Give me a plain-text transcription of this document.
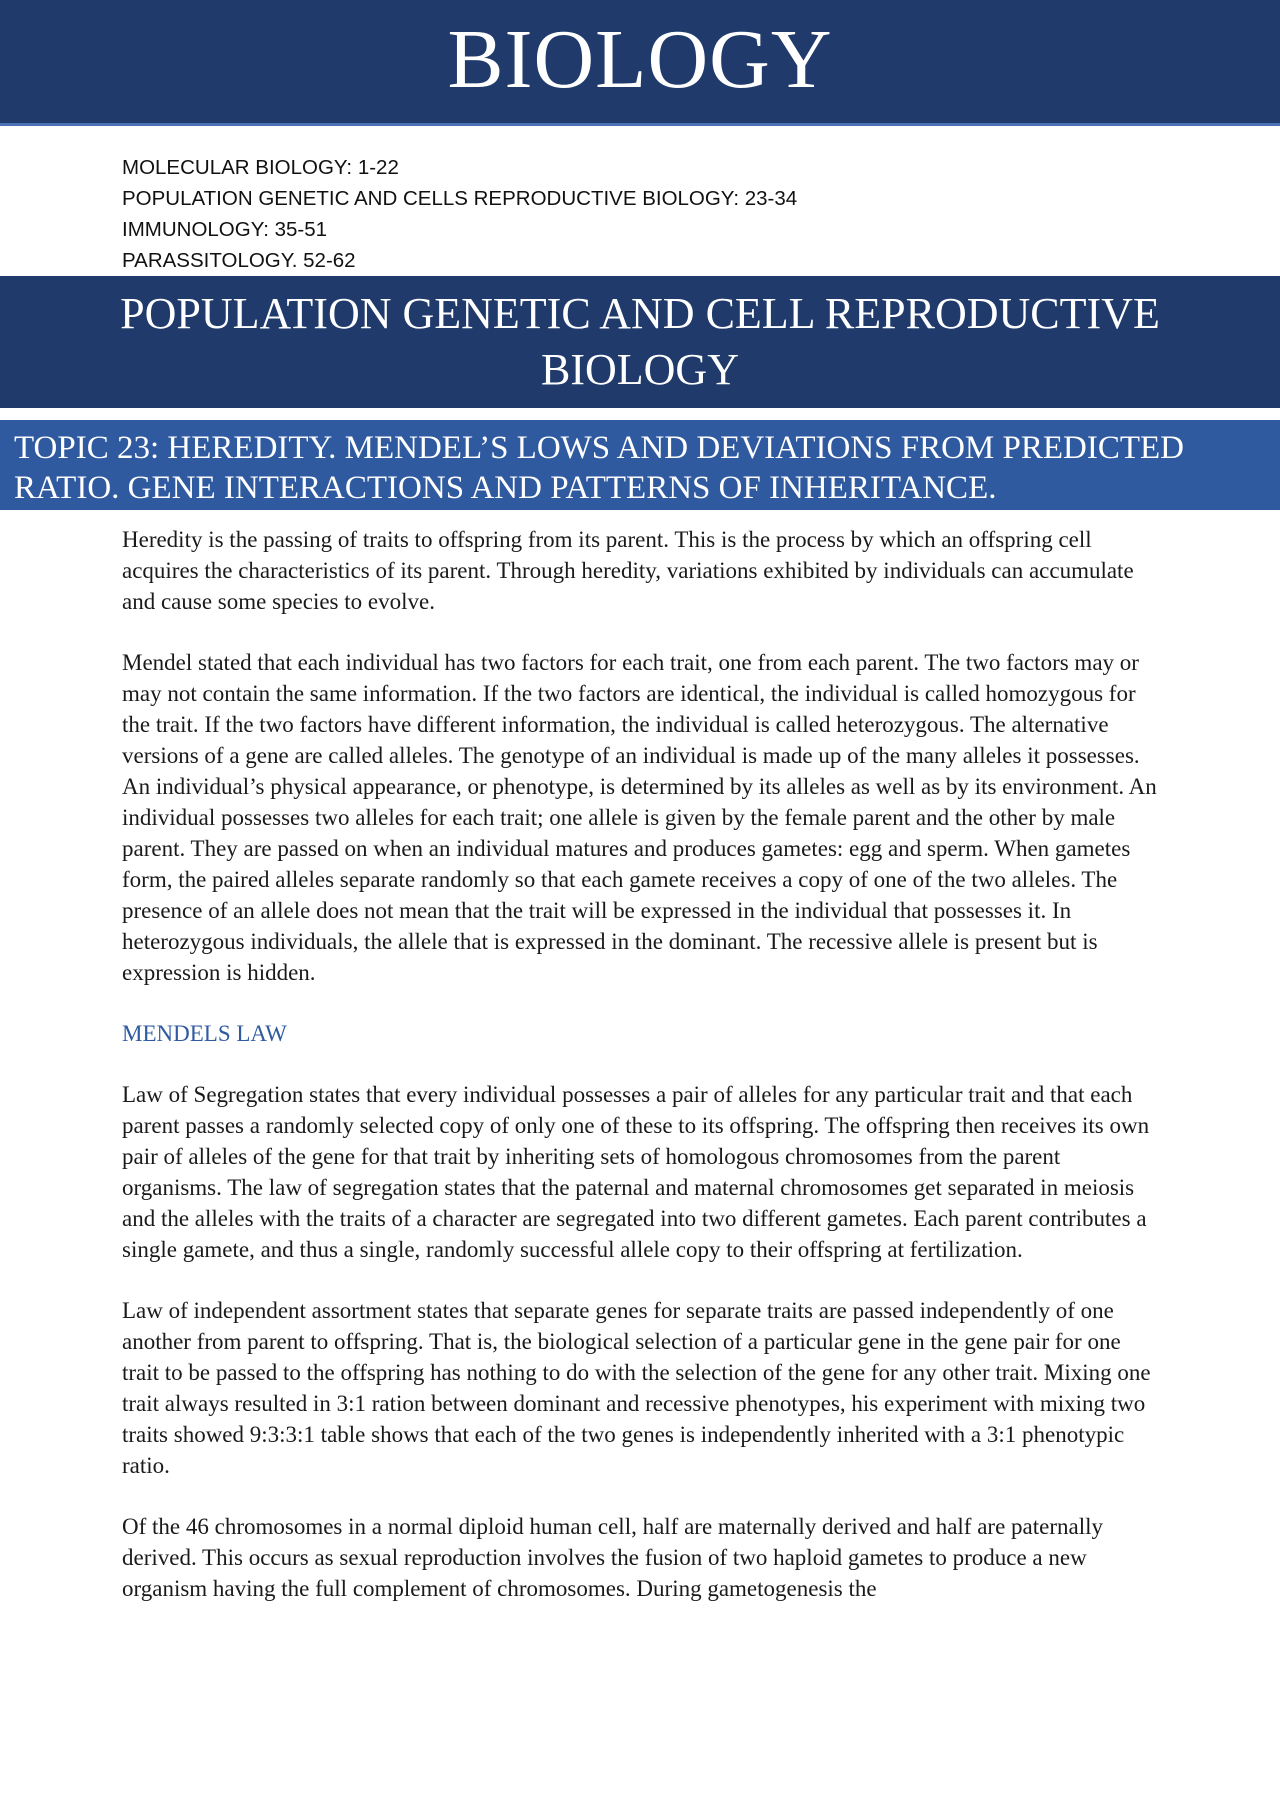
BIOLOGY
MOLECULAR BIOLOGY: 1-22
POPULATION GENETIC AND CELLS REPRODUCTIVE BIOLOGY: 23-34
IMMUNOLOGY: 35-51
PARASSITOLOGY. 52-62
POPULATION GENETIC AND CELL REPRODUCTIVE
BIOLOGY
TOPIC 23: HEREDITY. MENDEL’S LOWS AND DEVIATIONS FROM PREDICTED RATIO. GENE INTERACTIONS AND PATTERNS OF INHERITANCE.

Heredity is the passing of traits to offspring from its parent. This is the process by which an offspring cell acquires the characteristics of its parent. Through heredity, variations exhibited by individuals can accumulate and cause some species to evolve.

Mendel stated that each individual has two factors for each trait, one from each parent. The two factors may or may not contain the same information. If the two factors are identical, the individual is called homozygous for the trait. If the two factors have different information, the individual is called heterozygous. The alternative versions of a gene are called alleles. The genotype of an individual is made up of the many alleles it possesses. An individual’s physical appearance, or phenotype, is determined by its alleles as well as by its environment. An individual possesses two alleles for each trait; one allele is given by the female parent and the other by male parent. They are passed on when an individual matures and produces gametes: egg and sperm. When gametes form, the paired alleles separate randomly so that each gamete receives a copy of one of the two alleles. The presence of an allele does not mean that the trait will be expressed in the individual that possesses it. In heterozygous individuals, the allele that is expressed in the dominant. The recessive allele is present but is expression is hidden.

MENDELS LAW

Law of Segregation states that every individual possesses a pair of alleles for any particular trait and that each parent passes a randomly selected copy of only one of these to its offspring. The offspring then receives its own pair of alleles of the gene for that trait by inheriting sets of homologous chromosomes from the parent organisms. The law of segregation states that the paternal and maternal chromosomes get separated in meiosis and the alleles with the traits of a character are segregated into two different gametes. Each parent contributes a single gamete, and thus a single, randomly successful allele copy to their offspring at fertilization.

Law of independent assortment states that separate genes for separate traits are passed independently of one another from parent to offspring. That is, the biological selection of a particular gene in the gene pair for one trait to be passed to the offspring has nothing to do with the selection of the gene for any other trait. Mixing one trait always resulted in 3:1 ration between dominant and recessive phenotypes, his experiment with mixing two traits showed 9:3:3:1 table shows that each of the two genes is independently inherited with a 3:1 phenotypic ratio.

Of the 46 chromosomes in a normal diploid human cell, half are maternally derived and half are paternally derived. This occurs as sexual reproduction involves the fusion of two haploid gametes to produce a new organism having the full complement of chromosomes. During gametogenesis the
